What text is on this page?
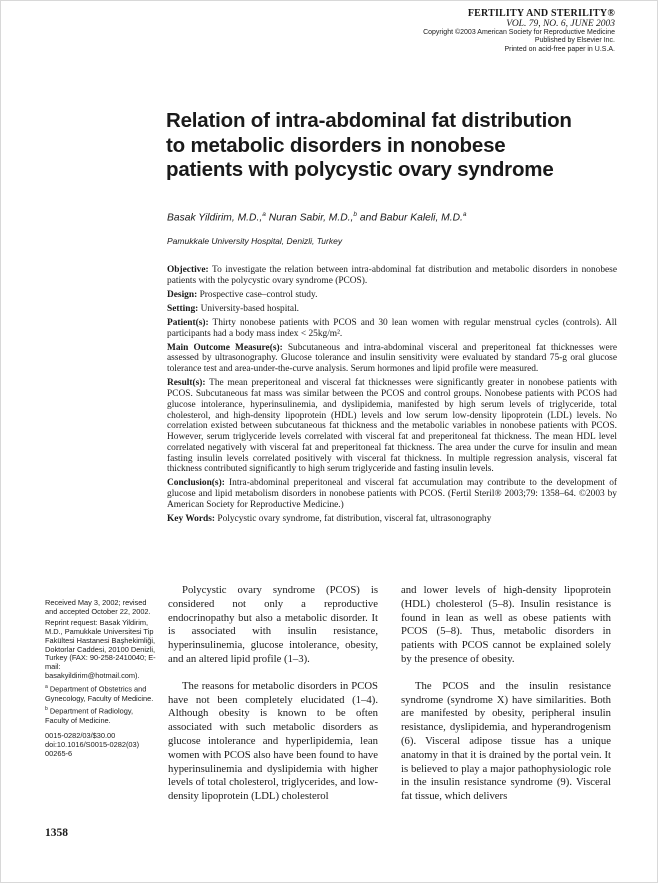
FERTILITY AND STERILITY®
VOL. 79, NO. 6, JUNE 2003
Copyright ©2003 American Society for Reproductive Medicine
Published by Elsevier Inc.
Printed on acid-free paper in U.S.A.
Relation of intra-abdominal fat distribution
to metabolic disorders in nonobese
patients with polycystic ovary syndrome
Basak Yildirim, M.D.,$^a$ Nuran Sabir, M.D.,$^b$ and Babur Kaleli, M.D.$^a$
Pamukkale University Hospital, Denizli, Turkey

Objective: To investigate the relation between intra-abdominal fat distribution and metabolic disorders in nonobese patients with the polycystic ovary syndrome (PCOS).

Design: Prospective case–control study.

Setting: University-based hospital.

Patient(s): Thirty nonobese patients with PCOS and 30 lean women with regular menstrual cycles (controls). All participants had a body mass index < 25kg/m².

Main Outcome Measure(s): Subcutaneous and intra-abdominal visceral and preperitoneal fat thicknesses were assessed by ultrasonography. Glucose tolerance and insulin sensitivity were evaluated by standard 75-g oral glucose tolerance test and area-under-the-curve analysis. Serum hormones and lipid profile were measured.

Result(s): The mean preperitoneal and visceral fat thicknesses were significantly greater in nonobese patients with PCOS. Subcutaneous fat mass was similar between the PCOS and control groups. Nonobese patients with PCOS had glucose intolerance, hyperinsulinemia, and dyslipidemia, manifested by high serum levels of triglyceride, total cholesterol, and high-density lipoprotein (HDL) levels and low serum low-density lipoprotein (LDL) levels. No correlation existed between subcutaneous fat thickness and the metabolic variables in nonobese patients with PCOS. However, serum triglyceride levels correlated with visceral fat and preperitoneal fat thickness. The mean HDL level correlated negatively with visceral fat and preperitoneal fat thickness. The area under the curve for insulin and mean fasting insulin levels correlated positively with visceral fat thickness. In multiple regression analysis, visceral fat thickness contributed significantly to high serum triglyceride and fasting insulin levels.

Conclusion(s): Intra-abdominal preperitoneal and visceral fat accumulation may contribute to the development of glucose and lipid metabolism disorders in nonobese patients with PCOS. (Fertil Steril® 2003;79: 1358–64. ©2003 by American Society for Reproductive Medicine.)

Key Words: Polycystic ovary syndrome, fat distribution, visceral fat, ultrasonography

Received May 3, 2002; revised and accepted October 22, 2002.

Reprint request: Basak Yildirim, M.D., Pamukkale Universitesi Tip Fakültesi Hastanesi Başhekimliği, Doktorlar Caddesi, 20100 Denizli, Turkey (FAX: 90-258-2410040; E-mail: basakyildirim@hotmail.com).

$^a$ Department of Obstetrics and Gynecology, Faculty of Medicine.

$^b$ Department of Radiology, Faculty of Medicine.

0015-0282/03/$30.00
doi:10.1016/S0015-0282(03)
00265-6

Polycystic ovary syndrome (PCOS) is considered not only a reproductive endocrinopathy but also a metabolic disorder. It is associated with insulin resistance, hyperinsulinemia, glucose intolerance, obesity, and an altered lipid profile (1–3).

The reasons for metabolic disorders in PCOS have not been completely elucidated (1–4). Although obesity is known to be often associated with such metabolic disorders as glucose intolerance and hyperlipidemia, lean women with PCOS also have been found to have hyperinsulinemia and dyslipidemia with higher levels of total cholesterol, triglycerides, and low-density lipoprotein (LDL) cholesterol

and lower levels of high-density lipoprotein (HDL) cholesterol (5–8). Insulin resistance is found in lean as well as obese patients with PCOS (5–8). Thus, metabolic disorders in patients with PCOS cannot be explained solely by the presence of obesity.

The PCOS and the insulin resistance syndrome (syndrome X) have similarities. Both are manifested by obesity, peripheral insulin resistance, dyslipidemia, and hyperandrogenism (6). Visceral adipose tissue has a unique anatomy in that it is drained by the portal vein. It is believed to play a major pathophysiologic role in the insulin resistance syndrome (9). Visceral fat tissue, which delivers

1358
